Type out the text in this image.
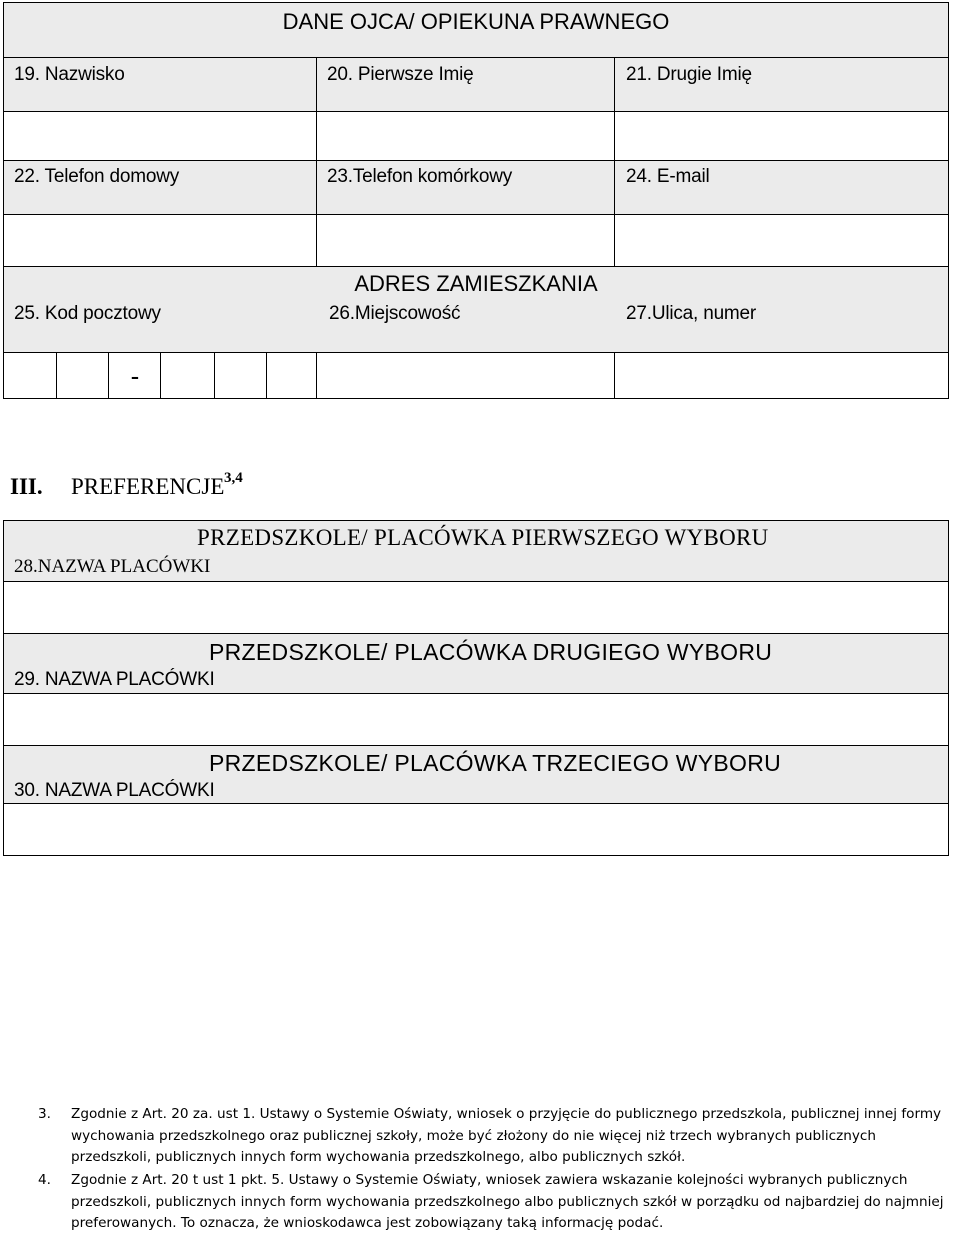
DANE OJCA/ OPIEKUNA PRAWNEGO
19. Nazwisko	20. Pierwsze Imię	21. Drugie Imię
22. Telefon domowy	23.Telefon komórkowy	24. E-mail
ADRES ZAMIESZKANIA
25. Kod pocztowy	26.Miejscowość	27.Ulica, numer
-
III. PREFERENCJE 3,4
PRZEDSZKOLE/ PLACÓWKA PIERWSZEGO WYBORU
28.NAZWA PLACÓWKI
PRZEDSZKOLE/ PLACÓWKA DRUGIEGO WYBORU
29. NAZWA PLACÓWKI
PRZEDSZKOLE/ PLACÓWKA TRZECIEGO WYBORU
30. NAZWA PLACÓWKI
3. Zgodnie z Art. 20 za. ust 1. Ustawy o Systemie Oświaty, wniosek o przyjęcie do publicznego przedszkola, publicznej innej formy wychowania przedszkolnego oraz publicznej szkoły, może być złożony do nie więcej niż trzech wybranych publicznych przedszkoli, publicznych innych form wychowania przedszkolnego, albo publicznych szkół.
4. Zgodnie z Art. 20 t ust 1 pkt. 5. Ustawy o Systemie Oświaty, wniosek zawiera wskazanie kolejności wybranych publicznych przedszkoli, publicznych innych form wychowania przedszkolnego albo publicznych szkół w porządku od najbardziej do najmniej preferowanych. To oznacza, że wnioskodawca jest zobowiązany taką informację podać.
